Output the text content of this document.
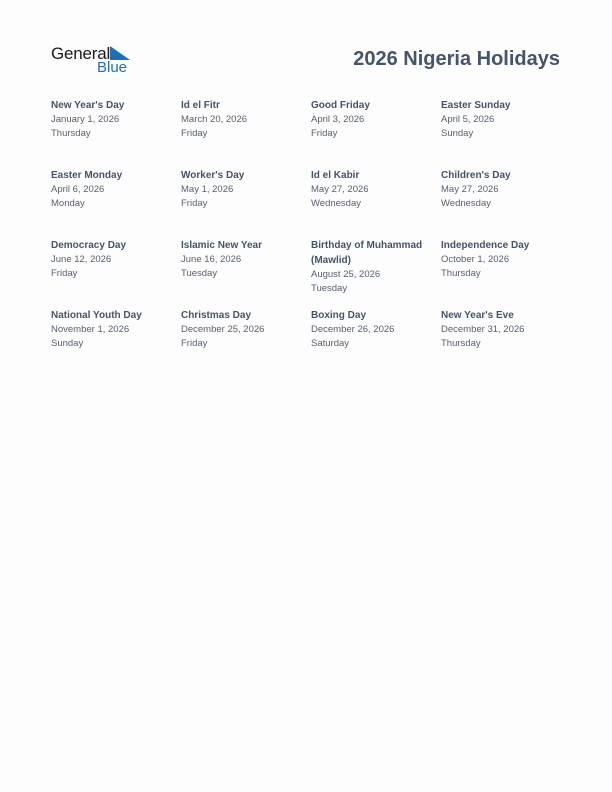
General
Blue	2026 Nigeria Holidays
New Year's Day
January 1, 2026
Thursday
Id el Fitr
March 20, 2026
Friday
Good Friday
April 3, 2026
Friday
Easter Sunday
April 5, 2026
Sunday
Easter Monday
April 6, 2026
Monday
Worker's Day
May 1, 2026
Friday
Id el Kabir
May 27, 2026
Wednesday
Children's Day
May 27, 2026
Wednesday
Democracy Day
June 12, 2026
Friday
Islamic New Year
June 16, 2026
Tuesday
Birthday of Muhammad (Mawlid)
August 25, 2026
Tuesday
Independence Day
October 1, 2026
Thursday
National Youth Day
November 1, 2026
Sunday
Christmas Day
December 25, 2026
Friday
Boxing Day
December 26, 2026
Saturday
New Year's Eve
December 31, 2026
Thursday
